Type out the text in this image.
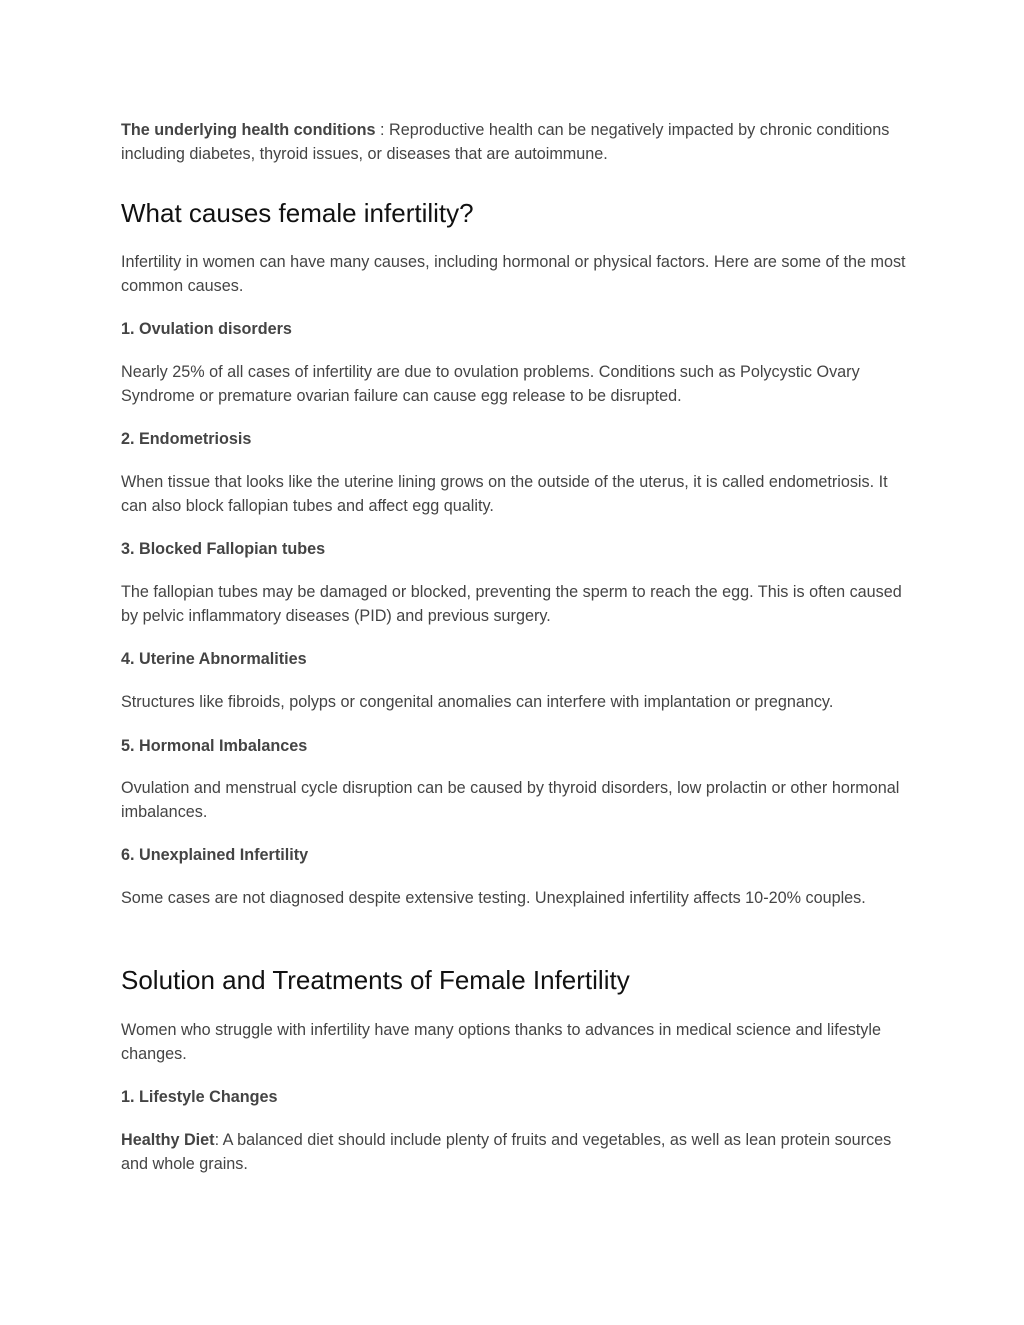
The underlying health conditions : Reproductive health can be negatively impacted by chronic conditions including diabetes, thyroid issues, or diseases that are autoimmune.

What causes female infertility?

Infertility in women can have many causes, including hormonal or physical factors. Here are some of the most common causes.

1. Ovulation disorders

Nearly 25% of all cases of infertility are due to ovulation problems. Conditions such as Polycystic Ovary Syndrome or premature ovarian failure can cause egg release to be disrupted.

2. Endometriosis

When tissue that looks like the uterine lining grows on the outside of the uterus, it is called endometriosis. It can also block fallopian tubes and affect egg quality.

3. Blocked Fallopian tubes

The fallopian tubes may be damaged or blocked, preventing the sperm to reach the egg. This is often caused by pelvic inflammatory diseases (PID) and previous surgery.

4. Uterine Abnormalities

Structures like fibroids, polyps or congenital anomalies can interfere with implantation or pregnancy.

5. Hormonal Imbalances

Ovulation and menstrual cycle disruption can be caused by thyroid disorders, low prolactin or other hormonal imbalances.

6. Unexplained Infertility

Some cases are not diagnosed despite extensive testing. Unexplained infertility affects 10-20% couples.

Solution and Treatments of Female Infertility

Women who struggle with infertility have many options thanks to advances in medical science and lifestyle changes.

1. Lifestyle Changes

Healthy Diet: A balanced diet should include plenty of fruits and vegetables, as well as lean protein sources and whole grains.
